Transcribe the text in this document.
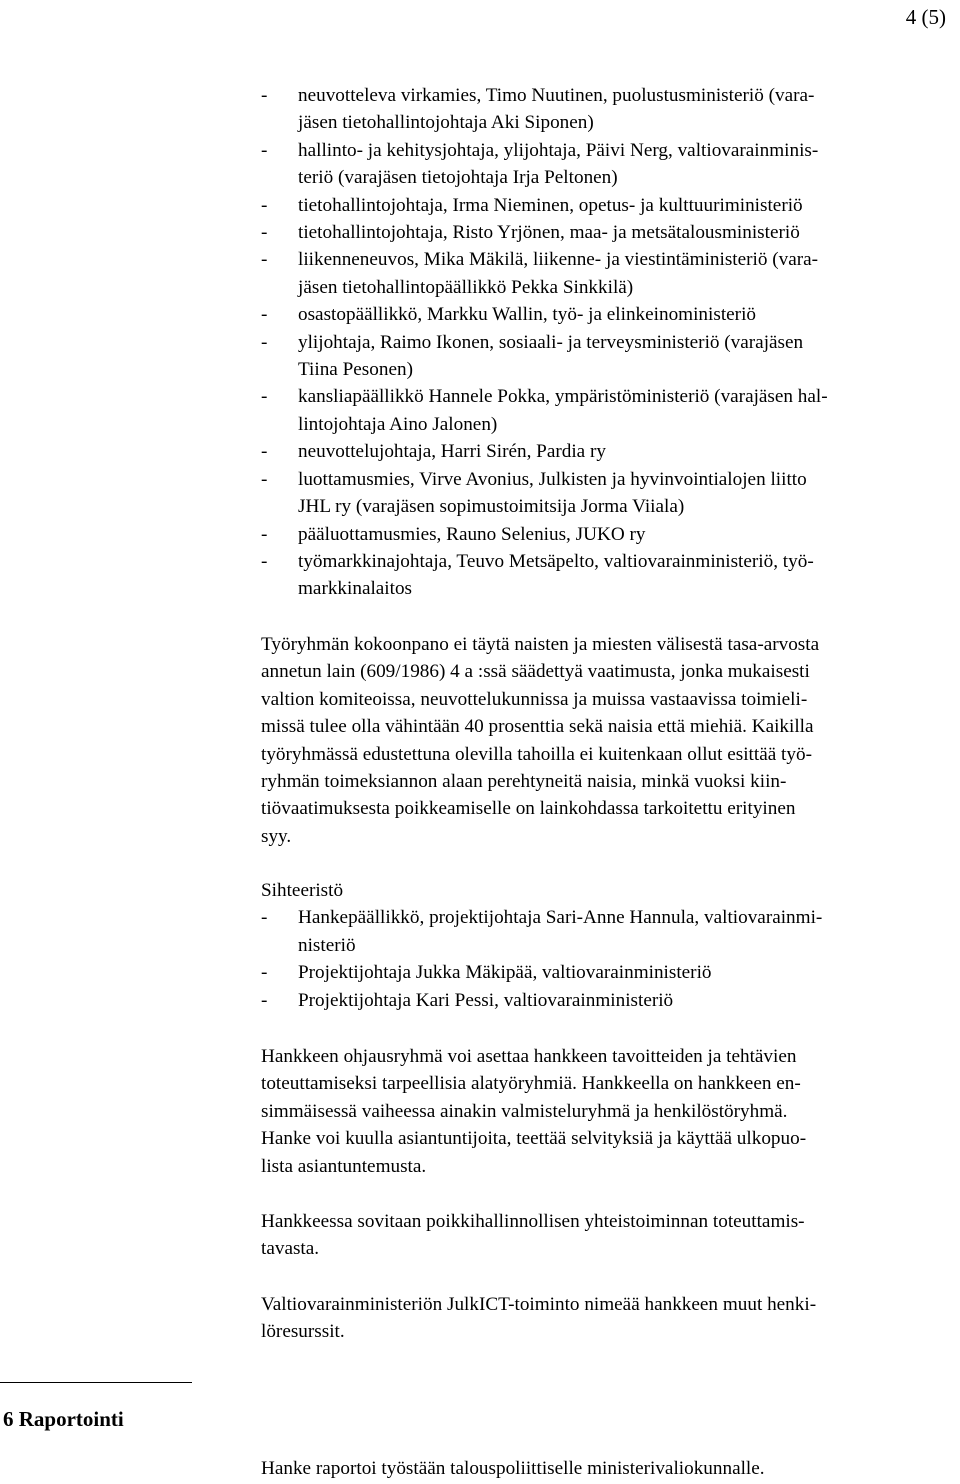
4 (5)
- neuvotteleva virkamies, Timo Nuutinen, puolustusministeriö (vara-
jäsen tietohallintojohtaja Aki Siponen)
- hallinto- ja kehitysjohtaja, ylijohtaja, Päivi Nerg, valtiovarainminis-
teriö (varajäsen tietojohtaja Irja Peltonen)
- tietohallintojohtaja, Irma Nieminen, opetus- ja kulttuuriministeriö
- tietohallintojohtaja, Risto Yrjönen, maa- ja metsätalousministeriö
- liikenneneuvos, Mika Mäkilä, liikenne- ja viestintäministeriö (vara-
jäsen tietohallintopäällikkö Pekka Sinkkilä)
- osastopäällikkö, Markku Wallin, työ- ja elinkeinoministeriö
- ylijohtaja, Raimo Ikonen, sosiaali- ja terveysministeriö (varajäsen
Tiina Pesonen)
- kansliapäällikkö Hannele Pokka, ympäristöministeriö (varajäsen hal-
lintojohtaja Aino Jalonen)
- neuvottelujohtaja, Harri Sirén, Pardia ry
- luottamusmies, Virve Avonius, Julkisten ja hyvinvointialojen liitto
JHL ry (varajäsen sopimustoimitsija Jorma Viiala)
- pääluottamusmies, Rauno Selenius, JUKO ry
- työmarkkinajohtaja, Teuvo Metsäpelto, valtiovarainministeriö, työ-
markkinalaitos
Työryhmän kokoonpano ei täytä naisten ja miesten välisestä tasa-arvosta
annetun lain (609/1986) 4 a :ssä säädettyä vaatimusta, jonka mukaisesti
valtion komiteoissa, neuvottelukunnissa ja muissa vastaavissa toimieli-
missä tulee olla vähintään 40 prosenttia sekä naisia että miehiä. Kaikilla
työryhmässä edustettuna olevilla tahoilla ei kuitenkaan ollut esittää työ-
ryhmän toimeksiannon alaan perehtyneitä naisia, minkä vuoksi kiin-
tiövaatimuksesta poikkeamiselle on lainkohdassa tarkoitettu erityinen
syy.
Sihteeristö
- Hankepäällikkö, projektijohtaja Sari-Anne Hannula, valtiovarainmi-
nisteriö
- Projektijohtaja Jukka Mäkipää, valtiovarainministeriö
- Projektijohtaja Kari Pessi, valtiovarainministeriö
Hankkeen ohjausryhmä voi asettaa hankkeen tavoitteiden ja tehtävien
toteuttamiseksi tarpeellisia alatyöryhmiä. Hankkeella on hankkeen en-
simmäisessä vaiheessa ainakin valmisteluryhmä ja henkilöstöryhmä.
Hanke voi kuulla asiantuntijoita, teettää selvityksiä ja käyttää ulkopuo-
lista asiantuntemusta.
Hankkeessa sovitaan poikkihallinnollisen yhteistoiminnan toteuttamis-
tavasta.
Valtiovarainministeriön JulkICT-toiminto nimeää hankkeen muut henki-
löresurssit.
6 Raportointi
Hanke raportoi työstään talouspoliittiselle ministerivaliokunnalle.
